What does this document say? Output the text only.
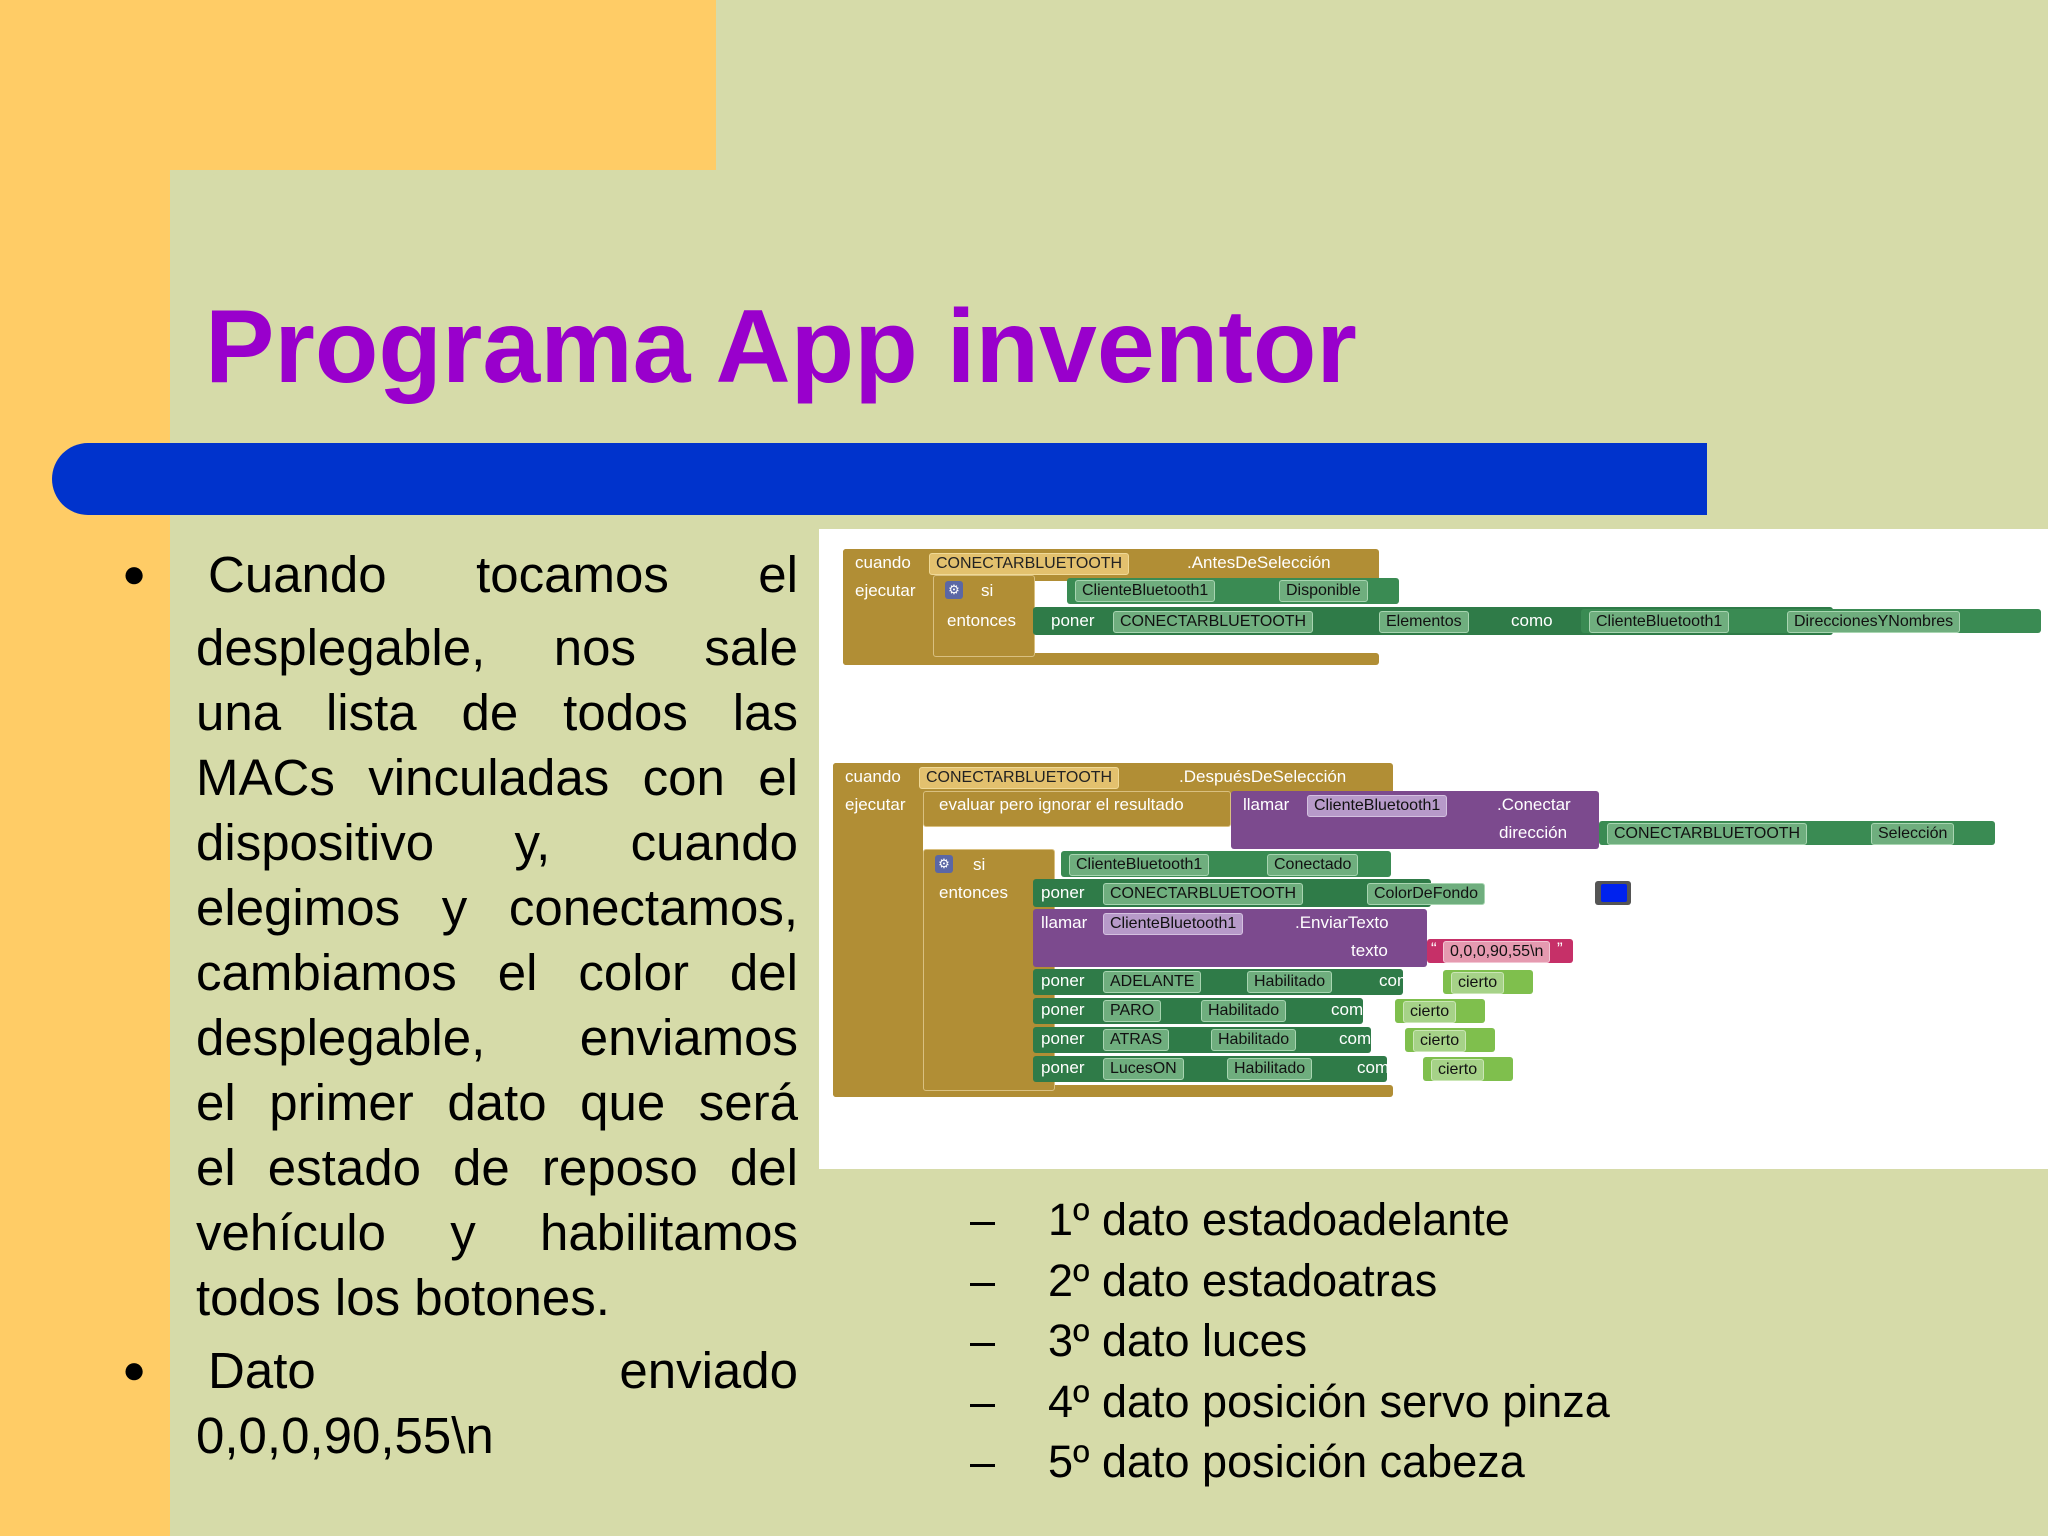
Programa App inventor
● Cuando tocamos el
desplegable, nos sale
una lista de todos las
MACs vinculadas con el
dispositivo y, cuando
elegimos y conectamos,
cambiamos el color del
desplegable, enviamos
el primer dato que será
el estado de reposo del
vehículo y habilitamos
todos los botones.
● Dato enviado
0,0,0,90,55\n
– 1º dato estadoadelante
– 2º dato estadoatras
– 3º dato luces
– 4º dato posición servo pinza
– 5º dato posición cabeza
cuando	CONECTARBLUETOOTH	.AntesDeSelección
ejecutar	⚙ si
entonces
ClienteBluetooth1	Disponible
poner	CONECTARBLUETOOTH	Elementos	como	ClienteBluetooth1	DireccionesYNombres
cuando	CONECTARBLUETOOTH	.DespuésDeSelección
ejecutar evaluar pero ignorar el resultado	llamar	ClienteBluetooth1	.Conectar
dirección	CONECTARBLUETOOTH	Selección
⚙ si
entonces
ClienteBluetooth1	Conectado
poner	CONECTARBLUETOOTH	ColorDeFondo	como
llamar	ClienteBluetooth1	.EnviarTexto
texto	“ 0,0,0,90,55\n ”
poner	ADELANTE	Habilitado	como	cierto
poner	PARO	Habilitado	como	cierto
poner	ATRAS	Habilitado	como	cierto
poner	LucesON	Habilitado	como	cierto
